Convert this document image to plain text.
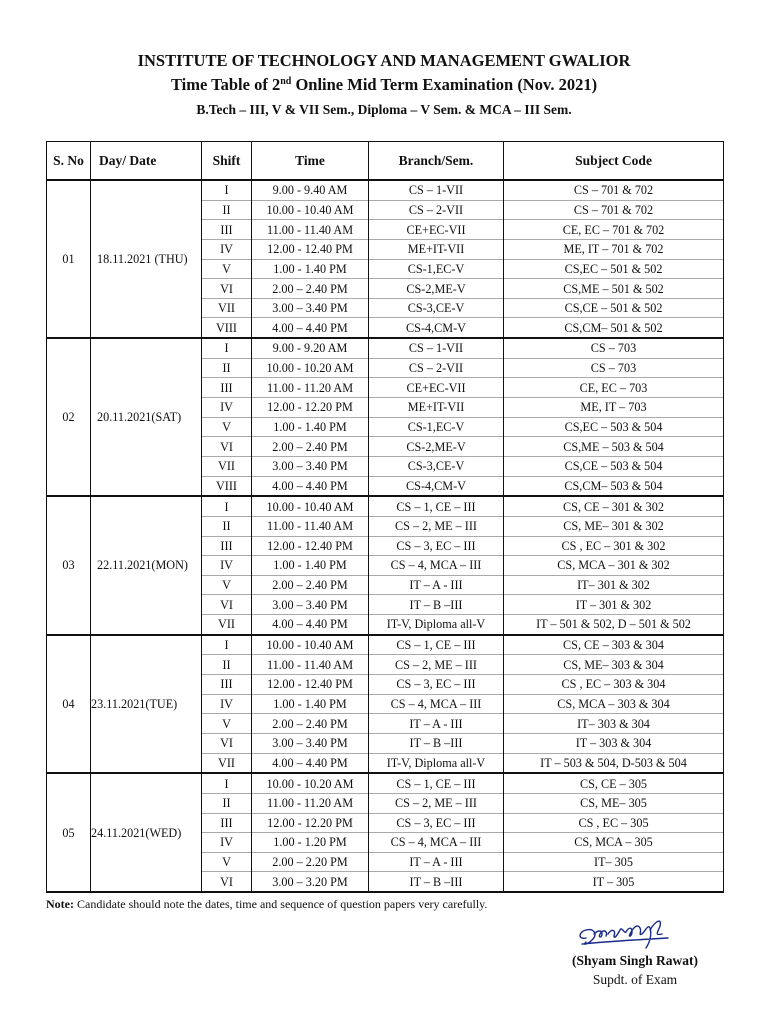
INSTITUTE OF TECHNOLOGY AND MANAGEMENT GWALIOR
Time Table of 2nd Online Mid Term Examination (Nov. 2021)
B.Tech – III, V & VII Sem., Diploma – V Sem. & MCA – III Sem.
S. No	Day/ Date	Shift	Time	Branch/Sem.	Subject Code
01	18.11.2021 (THU)	I	9.00 - 9.40 AM	CS – 1-VII	CS – 701 & 702
		II	10.00 - 10.40 AM	CS – 2-VII	CS – 701 & 702
		III	11.00 - 11.40 AM	CE+EC-VII	CE, EC – 701 & 702
		IV	12.00 - 12.40 PM	ME+IT-VII	ME, IT – 701 & 702
		V	1.00 - 1.40 PM	CS-1,EC-V	CS,EC – 501 & 502
		VI	2.00 – 2.40 PM	CS-2,ME-V	CS,ME – 501 & 502
		VII	3.00 – 3.40 PM	CS-3,CE-V	CS,CE – 501 & 502
		VIII	4.00 – 4.40 PM	CS-4,CM-V	CS,CM– 501 & 502
02	20.11.2021(SAT)	I	9.00 - 9.20 AM	CS – 1-VII	CS – 703
		II	10.00 - 10.20 AM	CS – 2-VII	CS – 703
		III	11.00 - 11.20 AM	CE+EC-VII	CE, EC – 703
		IV	12.00 - 12.20 PM	ME+IT-VII	ME, IT – 703
		V	1.00 - 1.40 PM	CS-1,EC-V	CS,EC – 503 & 504
		VI	2.00 – 2.40 PM	CS-2,ME-V	CS,ME – 503 & 504
		VII	3.00 – 3.40 PM	CS-3,CE-V	CS,CE – 503 & 504
		VIII	4.00 – 4.40 PM	CS-4,CM-V	CS,CM– 503 & 504
03	22.11.2021(MON)	I	10.00 - 10.40 AM	CS – 1, CE – III	CS, CE – 301 & 302
		II	11.00 - 11.40 AM	CS – 2, ME – III	CS, ME– 301 & 302
		III	12.00 - 12.40 PM	CS – 3, EC – III	CS , EC – 301 & 302
		IV	1.00 - 1.40 PM	CS – 4, MCA – III	CS, MCA – 301 & 302
		V	2.00 – 2.40 PM	IT – A - III	IT– 301 & 302
		VI	3.00 – 3.40 PM	IT – B –III	IT – 301 & 302
		VII	4.00 – 4.40 PM	IT-V, Diploma all-V	IT – 501 & 502, D – 501 & 502
04	23.11.2021(TUE)	I	10.00 - 10.40 AM	CS – 1, CE – III	CS, CE – 303 & 304
		II	11.00 - 11.40 AM	CS – 2, ME – III	CS, ME– 303 & 304
		III	12.00 - 12.40 PM	CS – 3, EC – III	CS , EC – 303 & 304
		IV	1.00 - 1.40 PM	CS – 4, MCA – III	CS, MCA – 303 & 304
		V	2.00 – 2.40 PM	IT – A - III	IT– 303 & 304
		VI	3.00 – 3.40 PM	IT – B –III	IT – 303 & 304
		VII	4.00 – 4.40 PM	IT-V, Diploma all-V	IT – 503 & 504, D-503 & 504
05	24.11.2021(WED)	I	10.00 - 10.20 AM	CS – 1, CE – III	CS, CE – 305
		II	11.00 - 11.20 AM	CS – 2, ME – III	CS, ME– 305
		III	12.00 - 12.20 PM	CS – 3, EC – III	CS , EC – 305
		IV	1.00 - 1.20 PM	CS – 4, MCA – III	CS, MCA – 305
		V	2.00 – 2.20 PM	IT – A - III	IT– 305
		VI	3.00 – 3.20 PM	IT – B –III	IT – 305
Note: Candidate should note the dates, time and sequence of question papers very carefully.
(Shyam Singh Rawat)
Supdt. of Exam
